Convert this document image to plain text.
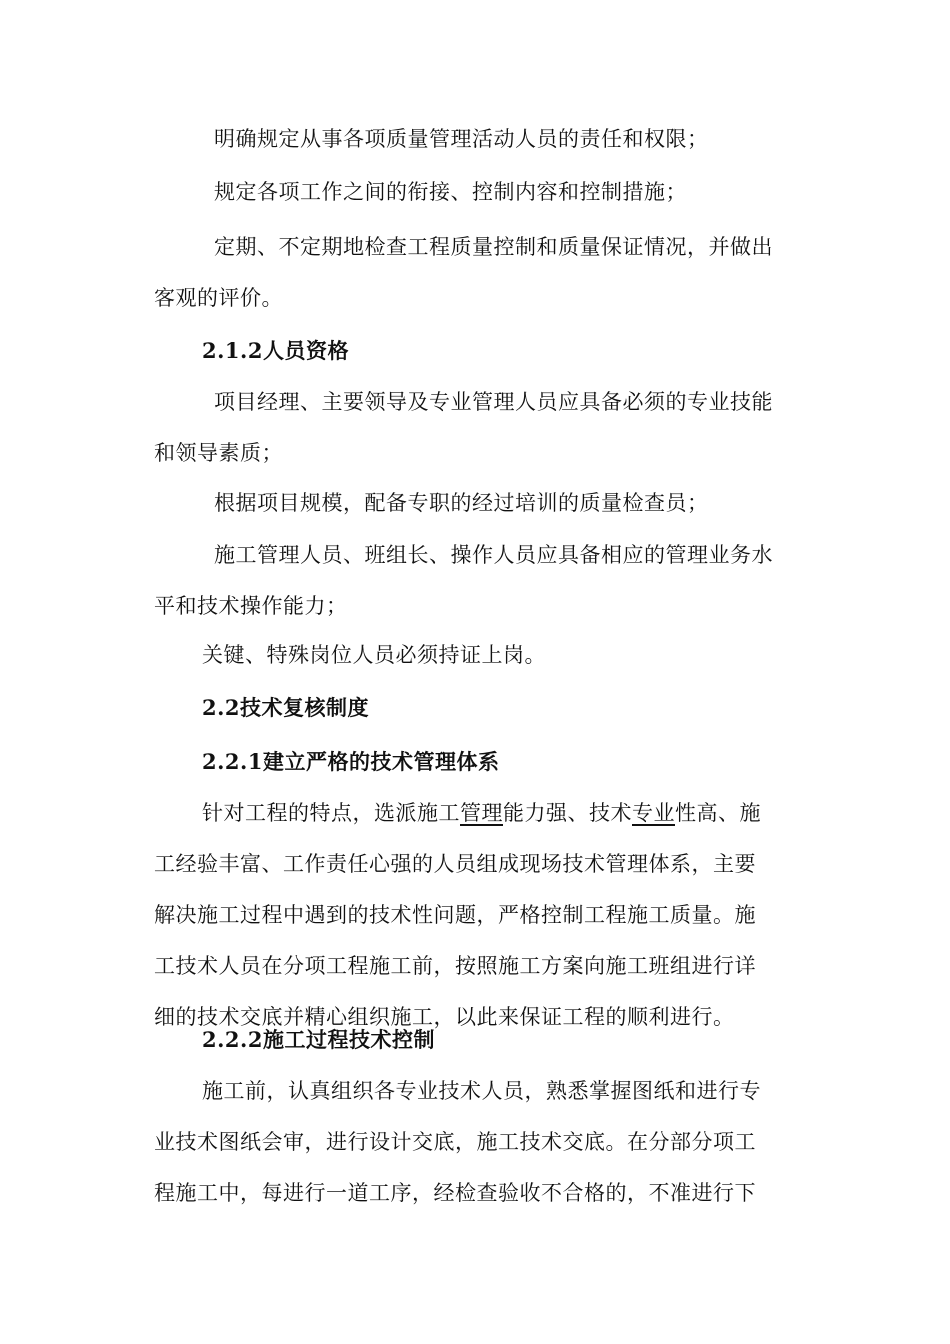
明确规定从事各项质量管理活动人员的责任和权限；
规定各项工作之间的衔接、控制内容和控制措施；
定期、不定期地检查工程质量控制和质量保证情况，并做出
客观的评价。
2.1.2人员资格
项目经理、主要领导及专业管理人员应具备必须的专业技能
和领导素质；
根据项目规模，配备专职的经过培训的质量检查员；
施工管理人员、班组长、操作人员应具备相应的管理业务水
平和技术操作能力；
关键、特殊岗位人员必须持证上岗。
2.2技术复核制度
2.2.1建立严格的技术管理体系
针对工程的特点，选派施工管理能力强、技术专业性高、施
工经验丰富、工作责任心强的人员组成现场技术管理体系，主要
解决施工过程中遇到的技术性问题，严格控制工程施工质量。施
工技术人员在分项工程施工前，按照施工方案向施工班组进行详
细的技术交底并精心组织施工，以此来保证工程的顺利进行。
2.2.2施工过程技术控制
施工前，认真组织各专业技术人员，熟悉掌握图纸和进行专
业技术图纸会审，进行设计交底，施工技术交底。在分部分项工
程施工中，每进行一道工序，经检查验收不合格的，不准进行下
